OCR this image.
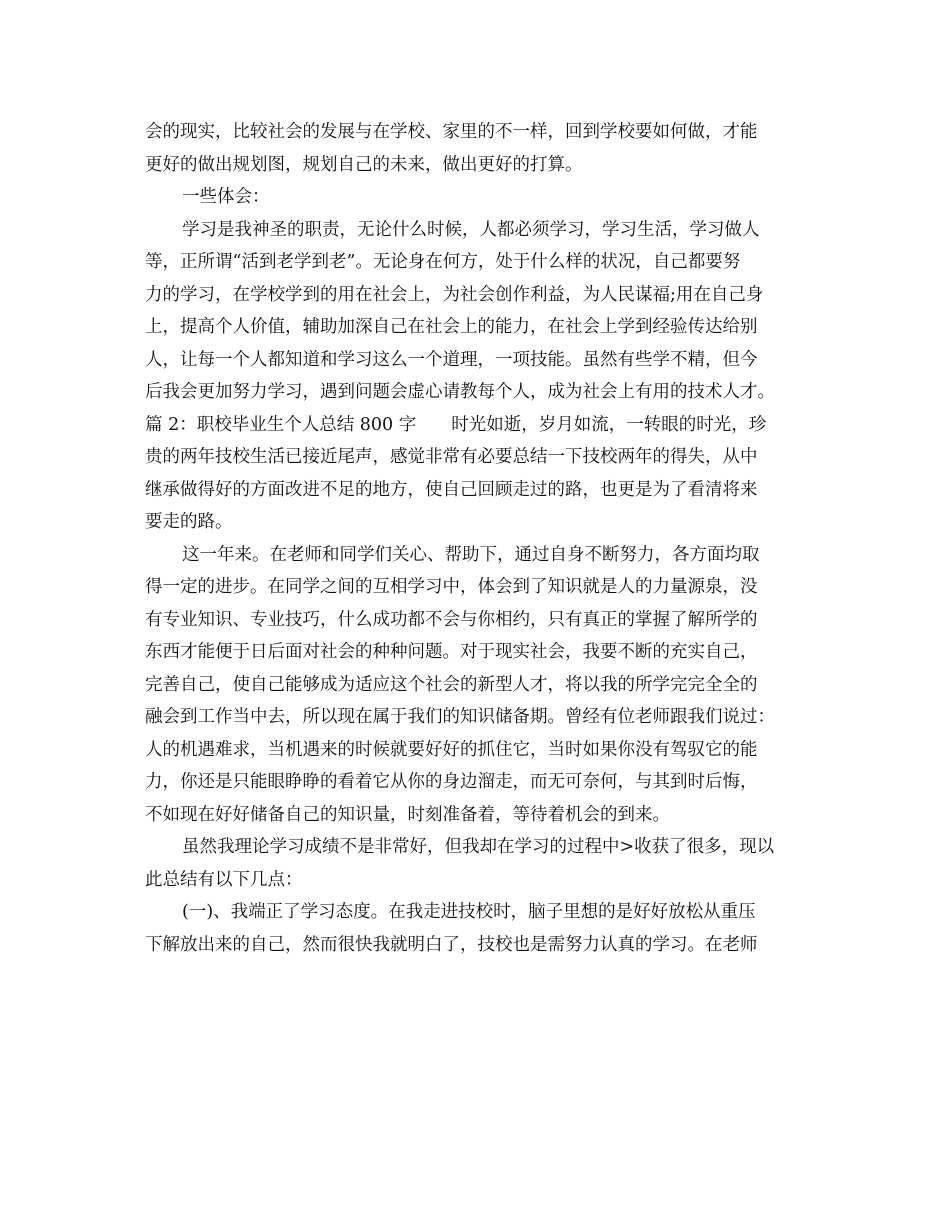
会的现实，比较社会的发展与在学校、家里的不一样，回到学校要如何做，才能
更好的做出规划图，规划自己的未来，做出更好的打算。
一些体会：
学习是我神圣的职责，无论什么时候，人都必须学习，学习生活，学习做人
等，正所谓“活到老学到老”。无论身在何方，处于什么样的状况，自己都要努
力的学习，在学校学到的用在社会上，为社会创作利益，为人民谋福;用在自己身
上，提高个人价值，辅助加深自己在社会上的能力，在社会上学到经验传达给别
人，让每一个人都知道和学习这么一个道理，一项技能。虽然有些学不精，但今
后我会更加努力学习，遇到问题会虚心请教每个人，成为社会上有用的技术人才。
篇 2：职校毕业生个人总结 800 字　　时光如逝，岁月如流，一转眼的时光，珍
贵的两年技校生活已接近尾声，感觉非常有必要总结一下技校两年的得失，从中
继承做得好的方面改进不足的地方，使自己回顾走过的路，也更是为了看清将来
要走的路。
这一年来。在老师和同学们关心、帮助下，通过自身不断努力，各方面均取
得一定的进步。在同学之间的互相学习中，体会到了知识就是人的力量源泉，没
有专业知识、专业技巧，什么成功都不会与你相约，只有真正的掌握了解所学的
东西才能便于日后面对社会的种种问题。对于现实社会，我要不断的充实自己，
完善自己，使自己能够成为适应这个社会的新型人才，将以我的所学完完全全的
融会到工作当中去，所以现在属于我们的知识储备期。曾经有位老师跟我们说过：
人的机遇难求，当机遇来的时候就要好好的抓住它，当时如果你没有驾驭它的能
力，你还是只能眼睁睁的看着它从你的身边溜走，而无可奈何，与其到时后悔，
不如现在好好储备自己的知识量，时刻准备着，等待着机会的到来。
虽然我理论学习成绩不是非常好，但我却在学习的过程中>收获了很多，现以
此总结有以下几点：
(一)、我端正了学习态度。在我走进技校时，脑子里想的是好好放松从重压
下解放出来的自己，然而很快我就明白了，技校也是需努力认真的学习。在老师
